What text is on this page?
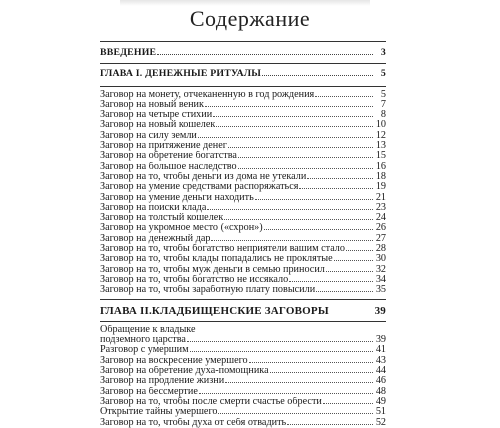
Содержание
ВВЕДЕНИЕ	3
ГЛАВА I. ДЕНЕЖНЫЕ РИТУАЛЫ	5
Заговор на монету, отчеканенную в год рождения	5
Заговор на новый веник	7
Заговор на четыре стихии	8
Заговор на новый кошелек	10
Заговор на силу земли	12
Заговор на притяжение денег	13
Заговор на обретение богатства	15
Заговор на большое наследство	16
Заговор на то, чтобы деньги из дома не утекали	18
Заговор на умение средствами распоряжаться	19
Заговор на умение деньги находить	21
Заговор на поиски клада	23
Заговор на толстый кошелек	24
Заговор на укромное место («схрон»)	26
Заговор на денежный дар	27
Заговор на то, чтобы богатство неприятели вашим стало	28
Заговор на то, чтобы клады попадались не проклятые	30
Заговор на то, чтобы муж деньги в семью приносил	32
Заговор на то, чтобы богатство не иссякало	34
Заговор на то, чтобы заработную плату повысили	35
ГЛАВА II.КЛАДБИЩЕНСКИЕ ЗАГОВОРЫ	39
Обращение к владыке
подземного царства	39
Разговор с умершим	41
Заговор на воскресение умершего	43
Заговор на обретение духа-помощника	44
Заговор на продление жизни	46
Заговор на бессмертие	48
Заговор на то, чтобы после смерти счастье обрести	49
Открытие тайны умершего	51
Заговор на то, чтобы духа от себя отвадить	52
